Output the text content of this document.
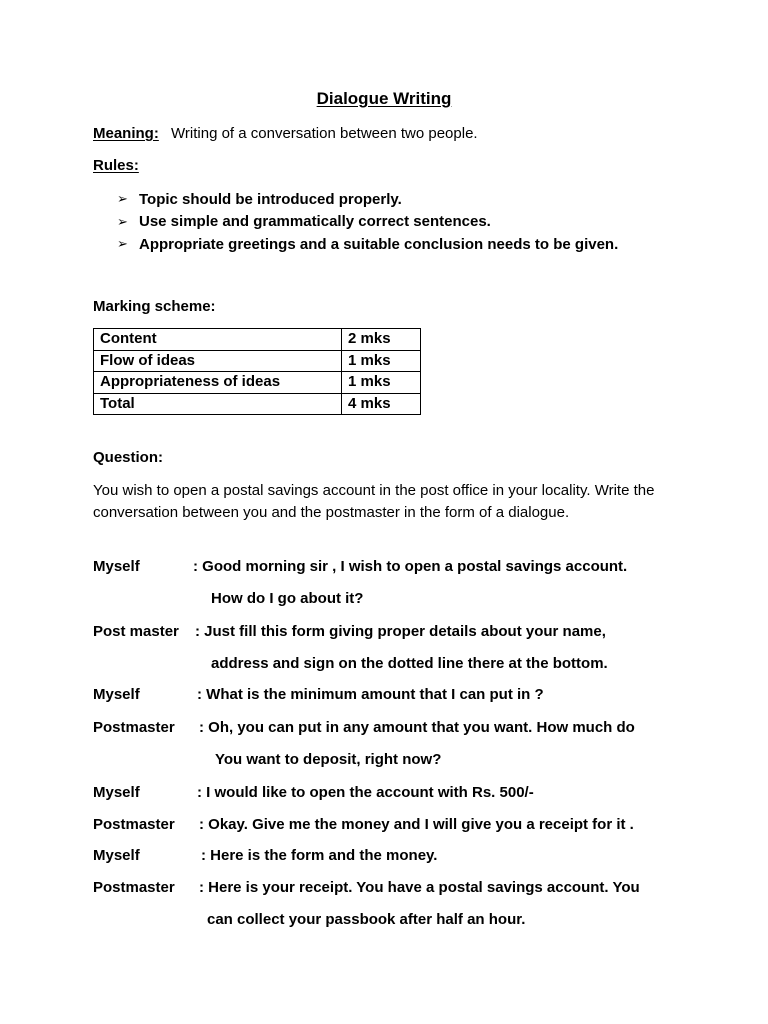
Dialogue Writing
Meaning: Writing of a conversation between two people.
Rules:
➢ Topic should be introduced properly.
➢ Use simple and grammatically correct sentences.
➢ Appropriate greetings and a suitable conclusion needs to be given.
Marking scheme:
Content	2 mks
Flow of ideas	1 mks
Appropriateness of ideas	1 mks
Total	4 mks
Question:
You wish to open a postal savings account in the post office in your locality. Write the conversation between you and the postmaster in the form of a dialogue.
Myself	: Good morning sir , I wish to open a postal savings account.
How do I go about it?
Post master : Just fill this form giving proper details about your name,
address and sign on the dotted line there at the bottom.
Myself	: What is the minimum amount that I can put in ?
Postmaster : Oh, you can put in any amount that you want. How much do
You want to deposit, right now?
Myself	: I would like to open the account with Rs. 500/-
Postmaster : Okay. Give me the money and I will give you a receipt for it .
Myself	: Here is the form and the money.
Postmaster : Here is your receipt. You have a postal savings account. You
can collect your passbook after half an hour.
